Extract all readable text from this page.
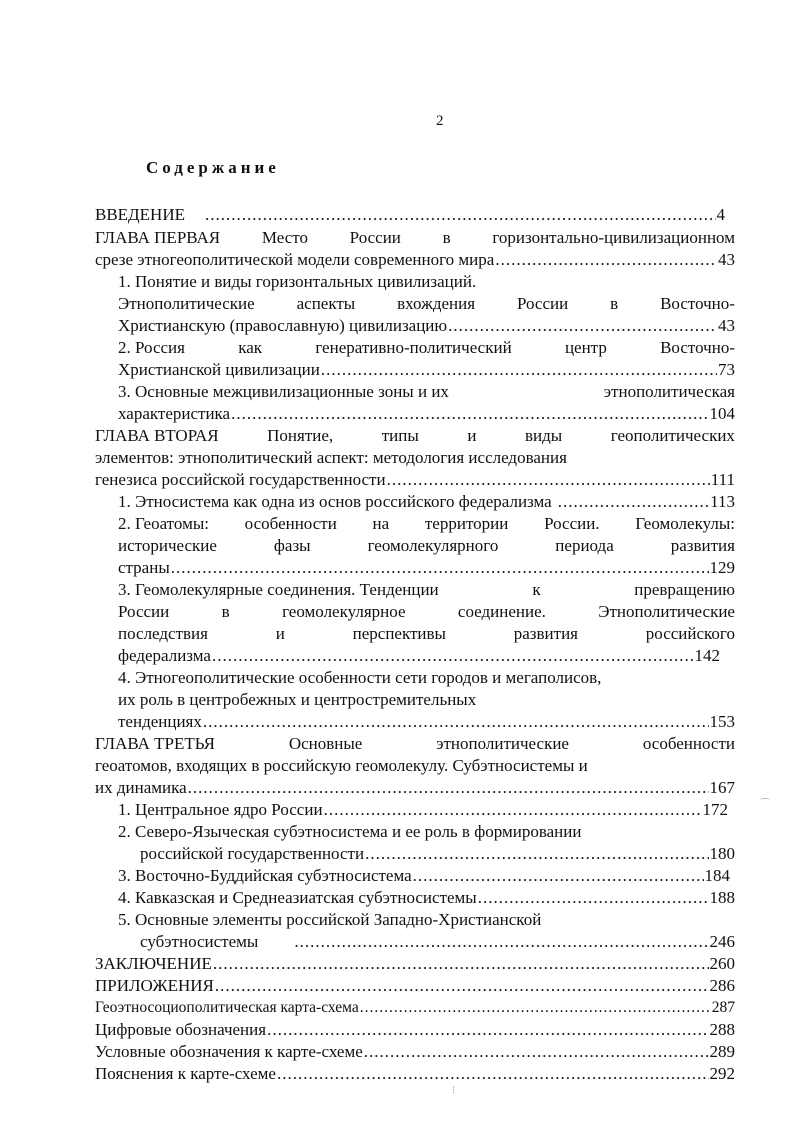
2
Содержание
ВВЕДЕНИЕ .....	4
ГЛАВА ПЕРВАЯ Место России в горизонтально-цивилизационном
срезе этногеополитической модели современного мира .....	43
1. Понятие и виды горизонтальных цивилизаций.
Этнополитические аспекты вхождения России в Восточно-
Христианскую (православную) цивилизацию .....	43
2. Россия	как	генеративно-политический	центр	Восточно-
Христианской цивилизации .....	73
3. Основные межцивилизационные зоны и их	этнополитическая
характеристика .....	104
ГЛАВА ВТОРАЯ	Понятие,	типы	и	виды	геополитических
элементов: этнополитический аспект: методология исследования
генезиса российской государственности .....	111
1. Этносистема как одна из основ российского федерализма .....	113
2. Геоатомы: особенности на территории России. Геомолекулы:
исторические	фазы	геомолекулярного	периода	развития
страны .....	129
3. Геомолекулярные соединения. Тенденции	к	превращению
России	в	геомолекулярное	соединение.	Этнополитические
последствия	и	перспективы	развития	российского
федерализма .....	142
4. Этногеополитические особенности сети городов и мегаполисов,
их роль в центробежных и центростремительных
тенденциях .....	153
ГЛАВА ТРЕТЬЯ	Основные	этнополитические	особенности
геоатомов, входящих в российскую геомолекулу. Субэтносистемы и
их динамика .....	167
1. Центральное ядро России .....	172
2. Северо-Языческая субэтносистема и ее роль в формировании
российской государственности .....	180
3. Восточно-Буддийская субэтносистема .....	184
4. Кавказская и Среднеазиатская субэтносистемы .....	188
5. Основные элементы российской Западно-Христианской
субэтносистемы .....	246
ЗАКЛЮЧЕНИЕ .....	260
ПРИЛОЖЕНИЯ .....	286
Геоэтносоциополитическая карта-схема .....	287
Цифровые обозначения .....	288
Условные обозначения к карте-схеме .....	289
Пояснения к карте-схеме .....	292
⌒
⁝
